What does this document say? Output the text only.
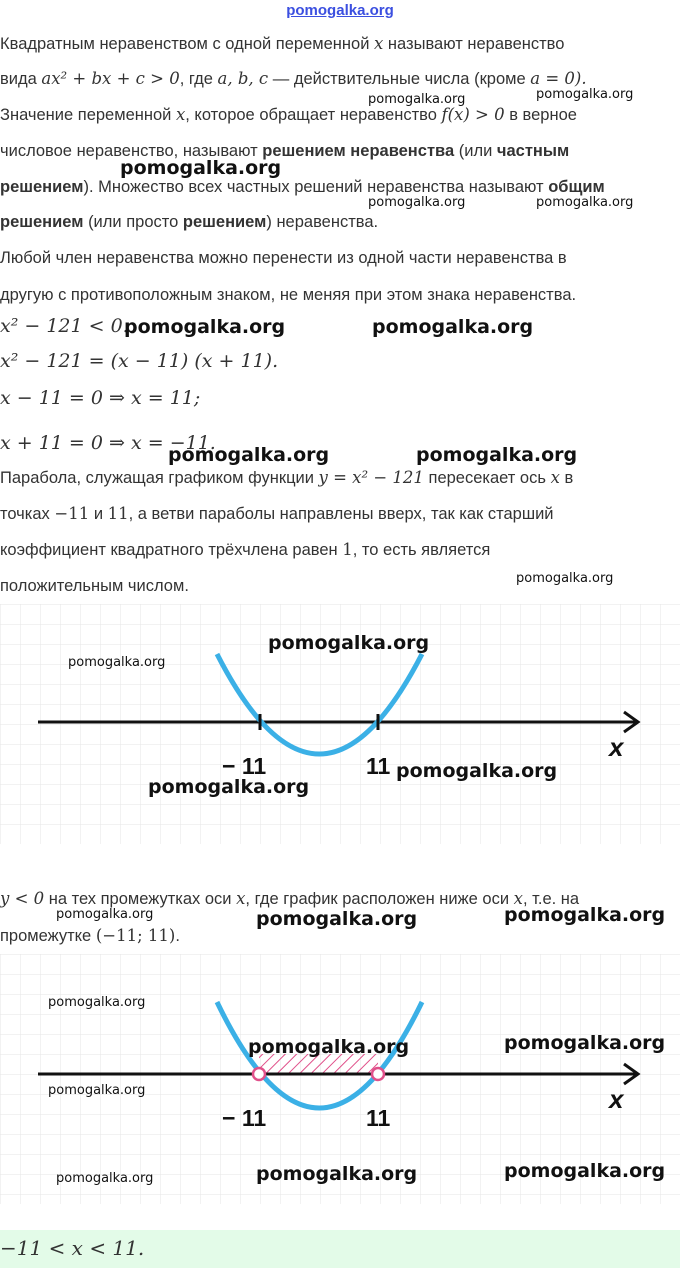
pomogalka.org
Квадратным неравенством с одной переменной x называют неравенство
вида ax² + bx + c > 0, где a, b, c — действительные числа (кроме a = 0).
Значение переменной x, которое обращает неравенство f(x) > 0 в верное
числовое неравенство, называют решением неравенства (или частным
решением). Множество всех частных решений неравенства называют общим
решением (или просто решением) неравенства.
Любой член неравенства можно перенести из одной части неравенства в
другую с противоположным знаком, не меняя при этом знака неравенства.
x² − 121 < 0.
x² − 121 = (x − 11) (x + 11).
x − 11 = 0 ⇒ x = 11;
x + 11 = 0 ⇒ x = −11.
Парабола, служащая графиком функции y = x² − 121 пересекает ось x в
точках −11 и 11, а ветви параболы направлены вверх, так как старший
коэффициент квадратного трёхчлена равен 1, то есть является
положительным числом.
− 11	11
x
y < 0 на тех промежутках оси x, где график расположен ниже оси x, т.е. на
промежутке (−11; 11).
− 11	11
x
−11 < x < 11.
pomogalka.org	pomogalka.org
pomogalka.org
pomogalka.org	pomogalka.org
pomogalka.org	pomogalka.org
pomogalka.org	pomogalka.org
pomogalka.org
pomogalka.org
pomogalka.org
pomogalka.org
pomogalka.org
pomogalka.org	pomogalka.org	pomogalka.org
pomogalka.org
pomogalka.org	pomogalka.org
pomogalka.org
pomogalka.org	pomogalka.org
pomogalka.org
